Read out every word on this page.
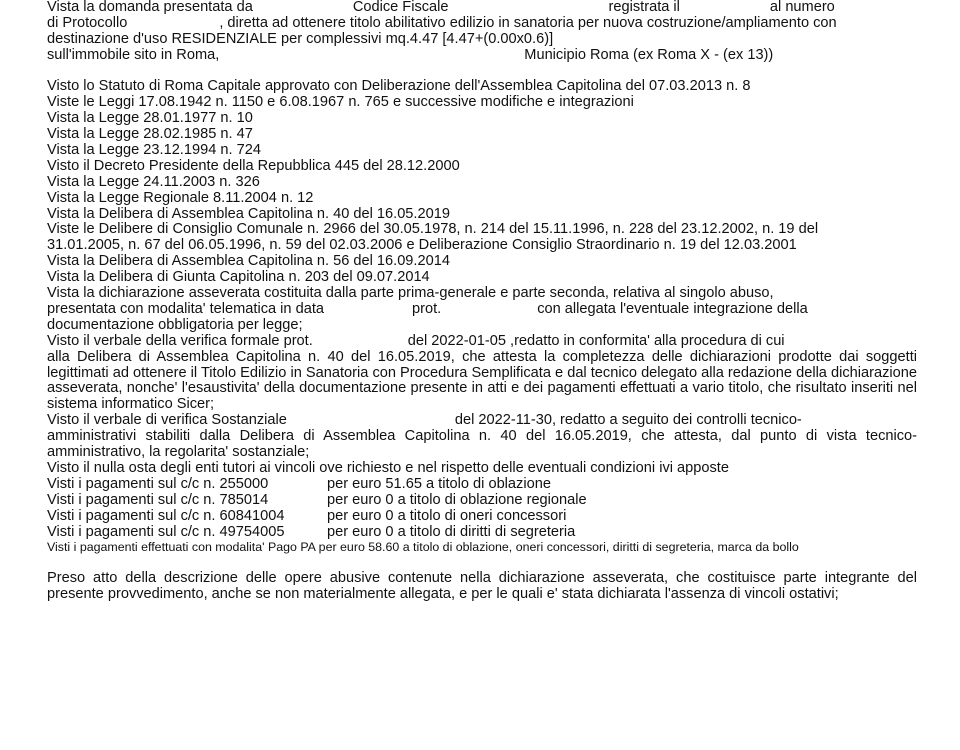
Vista la domanda presentata da	Codice Fiscale	registrata il	al numero
di Protocollo	, diretta ad ottenere titolo abilitativo edilizio in sanatoria per nuova costruzione/ampliamento con
destinazione d'uso RESIDENZIALE per complessivi mq.4.47 [4.47+(0.00x0.6)]
sull'immobile sito in Roma,	Municipio Roma (ex Roma X - (ex 13))
Visto lo Statuto di Roma Capitale approvato con Deliberazione dell'Assemblea Capitolina del 07.03.2013 n. 8
Viste le Leggi 17.08.1942 n. 1150 e 6.08.1967 n. 765 e successive modifiche e integrazioni
Vista la Legge 28.01.1977 n. 10
Vista la Legge 28.02.1985 n. 47
Vista la Legge 23.12.1994 n. 724
Visto il Decreto Presidente della Repubblica 445 del 28.12.2000
Vista la Legge 24.11.2003 n. 326
Vista la Legge Regionale 8.11.2004 n. 12
Vista la Delibera di Assemblea Capitolina n. 40 del 16.05.2019
Viste le Delibere di Consiglio Comunale n. 2966 del 30.05.1978, n. 214 del 15.11.1996, n. 228 del 23.12.2002, n. 19 del 31.01.2005, n. 67 del 06.05.1996, n. 59 del 02.03.2006 e Deliberazione Consiglio Straordinario n. 19 del 12.03.2001
Vista la Delibera di Assemblea Capitolina n. 56 del 16.09.2014
Vista la Delibera di Giunta Capitolina n. 203 del 09.07.2014
Vista la dichiarazione asseverata costituita dalla parte prima-generale e parte seconda, relativa al singolo abuso,
presentata con modalita' telematica in data	prot.	con allegata l'eventuale integrazione della
documentazione obbligatoria per legge;
Visto il verbale della verifica formale prot.	del 2022-01-05 ,redatto in conformita' alla procedura di cui
alla Delibera di Assemblea Capitolina n. 40 del 16.05.2019, che attesta la completezza delle dichiarazioni prodotte dai soggetti legittimati ad ottenere il Titolo Edilizio in Sanatoria con Procedura Semplificata e dal tecnico delegato alla redazione della dichiarazione asseverata, nonche' l'esaustivita' della documentazione presente in atti e dei pagamenti effettuati a vario titolo, che risultato inseriti nel sistema informatico Sicer;
Visto il verbale di verifica Sostanziale	del 2022-11-30, redatto a seguito dei controlli tecnico-
amministrativi stabiliti dalla Delibera di Assemblea Capitolina n. 40 del 16.05.2019, che attesta, dal punto di vista tecnico-amministrativo, la regolarita' sostanziale;
Visto il nulla osta degli enti tutori ai vincoli ove richiesto e nel rispetto delle eventuali condizioni ivi apposte
Visti i pagamenti sul c/c n. 255000	per euro 51.65 a titolo di oblazione
Visti i pagamenti sul c/c n. 785014	per euro 0 a titolo di oblazione regionale
Visti i pagamenti sul c/c n. 60841004	per euro 0 a titolo di oneri concessori
Visti i pagamenti sul c/c n. 49754005	per euro 0 a titolo di diritti di segreteria
Visti i pagamenti effettuati con modalita' Pago PA per euro 58.60 a titolo di oblazione, oneri concessori, diritti di segreteria, marca da bollo
Preso atto della descrizione delle opere abusive contenute nella dichiarazione asseverata, che costituisce parte integrante del presente provvedimento, anche se non materialmente allegata, e per le quali e' stata dichiarata l'assenza di vincoli ostativi;
